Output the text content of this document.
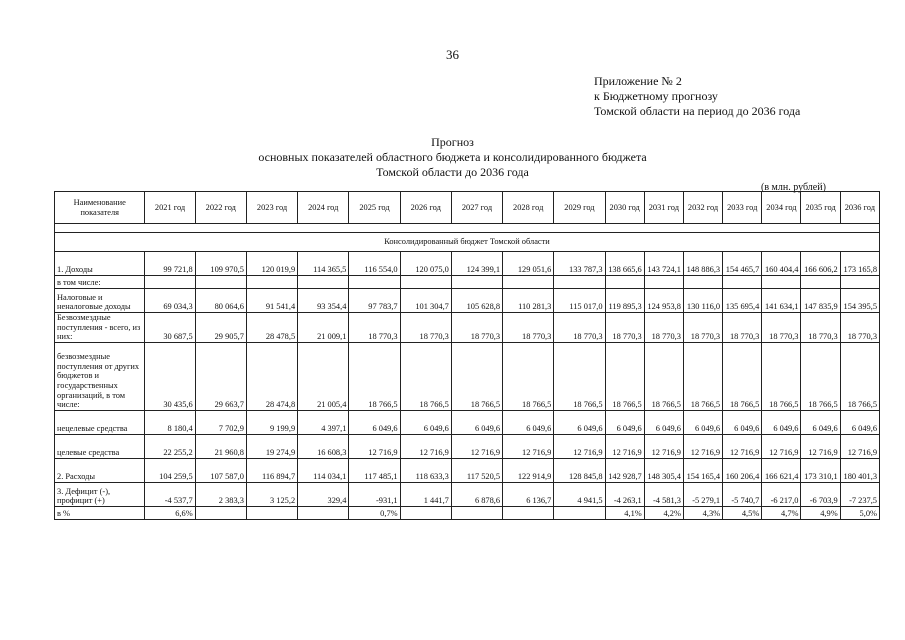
36
Приложение № 2
к Бюджетному прогнозу
Томской области на период до 2036 года
Прогноз
основных показателей областного бюджета и консолидированного бюджета
Томской области до 2036 года
(в млн. рублей)
Наименование показателя	2021 год	2022 год	2023 год	2024 год	2025 год	2026 год	2027 год	2028 год	2029 год	2030 год	2031 год	2032 год	2033 год	2034 год	2035 год	2036 год

Консолидированный бюджет Томской области																
1. Доходы	99 721,8	109 970,5	120 019,9	114 365,5	116 554,0	120 075,0	124 399,1	129 051,6	133 787,3	138 665,6	143 724,1	148 886,3	154 465,7	160 404,4	166 606,2	173 165,8
в том числе:																
Налоговые и неналоговые доходы	69 034,3	80 064,6	91 541,4	93 354,4	97 783,7	101 304,7	105 628,8	110 281,3	115 017,0	119 895,3	124 953,8	130 116,0	135 695,4	141 634,1	147 835,9	154 395,5
Безвозмездные поступления - всего, из них:	30 687,5	29 905,7	28 478,5	21 009,1	18 770,3	18 770,3	18 770,3	18 770,3	18 770,3	18 770,3	18 770,3	18 770,3	18 770,3	18 770,3	18 770,3	18 770,3
безвозмездные поступления от других бюджетов и государственных организаций, в том числе:	30 435,6	29 663,7	28 474,8	21 005,4	18 766,5	18 766,5	18 766,5	18 766,5	18 766,5	18 766,5	18 766,5	18 766,5	18 766,5	18 766,5	18 766,5	18 766,5
нецелевые средства	8 180,4	7 702,9	9 199,9	4 397,1	6 049,6	6 049,6	6 049,6	6 049,6	6 049,6	6 049,6	6 049,6	6 049,6	6 049,6	6 049,6	6 049,6	6 049,6
целевые средства	22 255,2	21 960,8	19 274,9	16 608,3	12 716,9	12 716,9	12 716,9	12 716,9	12 716,9	12 716,9	12 716,9	12 716,9	12 716,9	12 716,9	12 716,9	12 716,9
2. Расходы	104 259,5	107 587,0	116 894,7	114 034,1	117 485,1	118 633,3	117 520,5	122 914,9	128 845,8	142 928,7	148 305,4	154 165,4	160 206,4	166 621,4	173 310,1	180 401,3
3. Дефицит (-), профицит (+)	-4 537,7	2 383,3	3 125,2	329,4	-931,1	1 441,7	6 878,6	6 136,7	4 941,5	-4 263,1	-4 581,3	-5 279,1	-5 740,7	-6 217,0	-6 703,9	-7 237,5
в %	6,6%				0,7%					4,1%	4,2%	4,3%	4,5%	4,7%	4,9%	5,0%
